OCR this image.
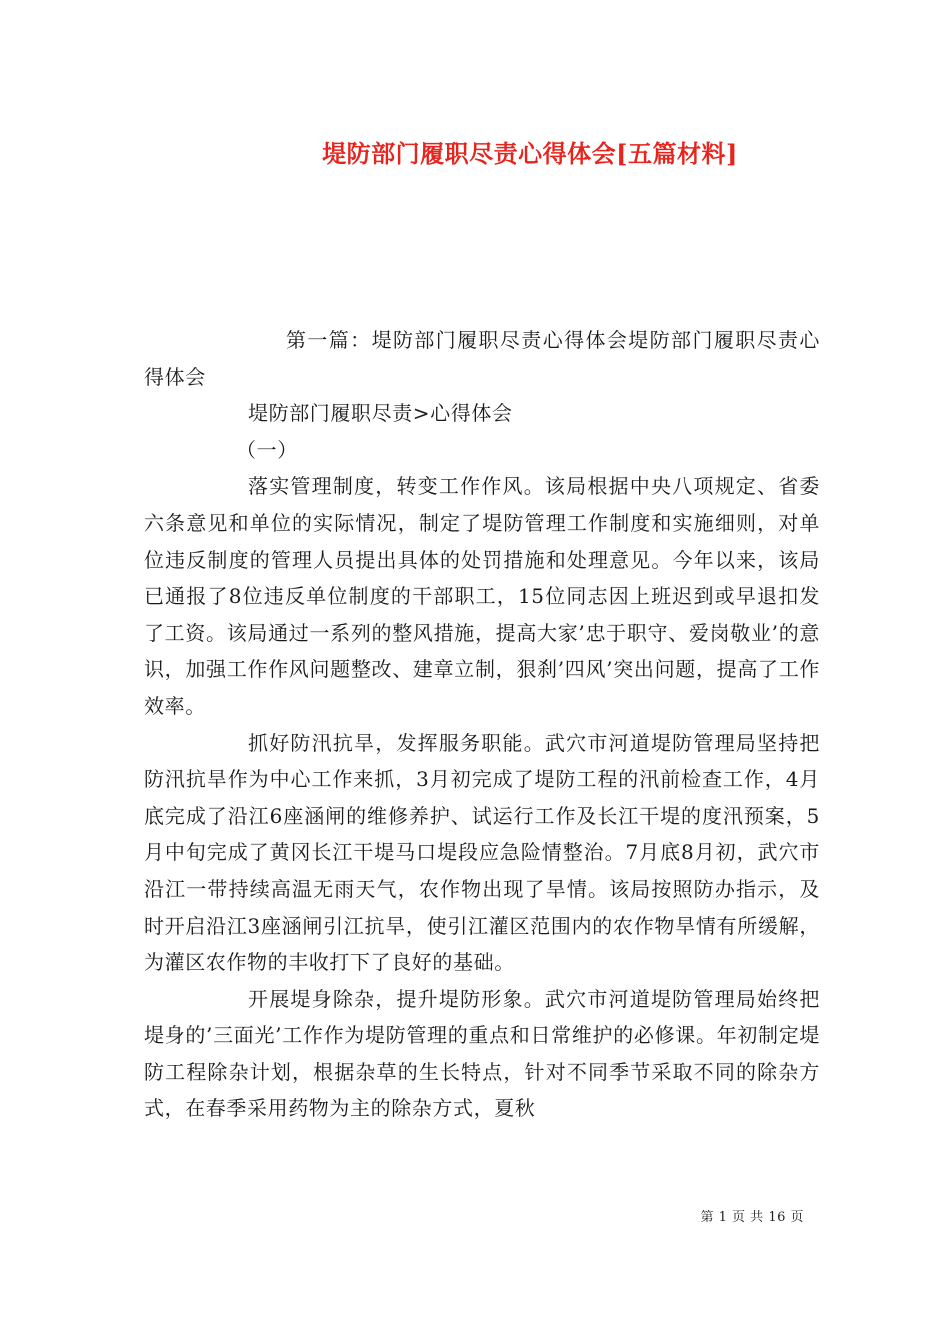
堤防部门履职尽责心得体会[五篇材料]

第一篇：堤防部门履职尽责心得体会堤防部门履职尽责心得体会

堤防部门履职尽责>心得体会

（一）

落实管理制度，转变工作作风。该局根据中央八项规定、省委六条意见和单位的实际情况，制定了堤防管理工作制度和实施细则，对单位违反制度的管理人员提出具体的处罚措施和处理意见。今年以来，该局已通报了8位违反单位制度的干部职工，15位同志因上班迟到或早退扣发了工资。该局通过一系列的整风措施，提高大家’忠于职守、爱岗敬业’的意识，加强工作作风问题整改、建章立制，狠刹’四风’突出问题，提高了工作效率。

抓好防汛抗旱，发挥服务职能。武穴市河道堤防管理局坚持把防汛抗旱作为中心工作来抓，3月初完成了堤防工程的汛前检查工作，4月底完成了沿江6座涵闸的维修养护、试运行工作及长江干堤的度汛预案，5月中旬完成了黄冈长江干堤马口堤段应急险情整治。7月底8月初，武穴市沿江一带持续高温无雨天气，农作物出现了旱情。该局按照防办指示，及时开启沿江3座涵闸引江抗旱，使引江灌区范围内的农作物旱情有所缓解，为灌区农作物的丰收打下了良好的基础。

开展堤身除杂，提升堤防形象。武穴市河道堤防管理局始终把堤身的’三面光’工作作为堤防管理的重点和日常维护的必修课。年初制定堤防工程除杂计划，根据杂草的生长特点，针对不同季节采取不同的除杂方式，在春季采用药物为主的除杂方式，夏秋

第 1 页 共 16 页
